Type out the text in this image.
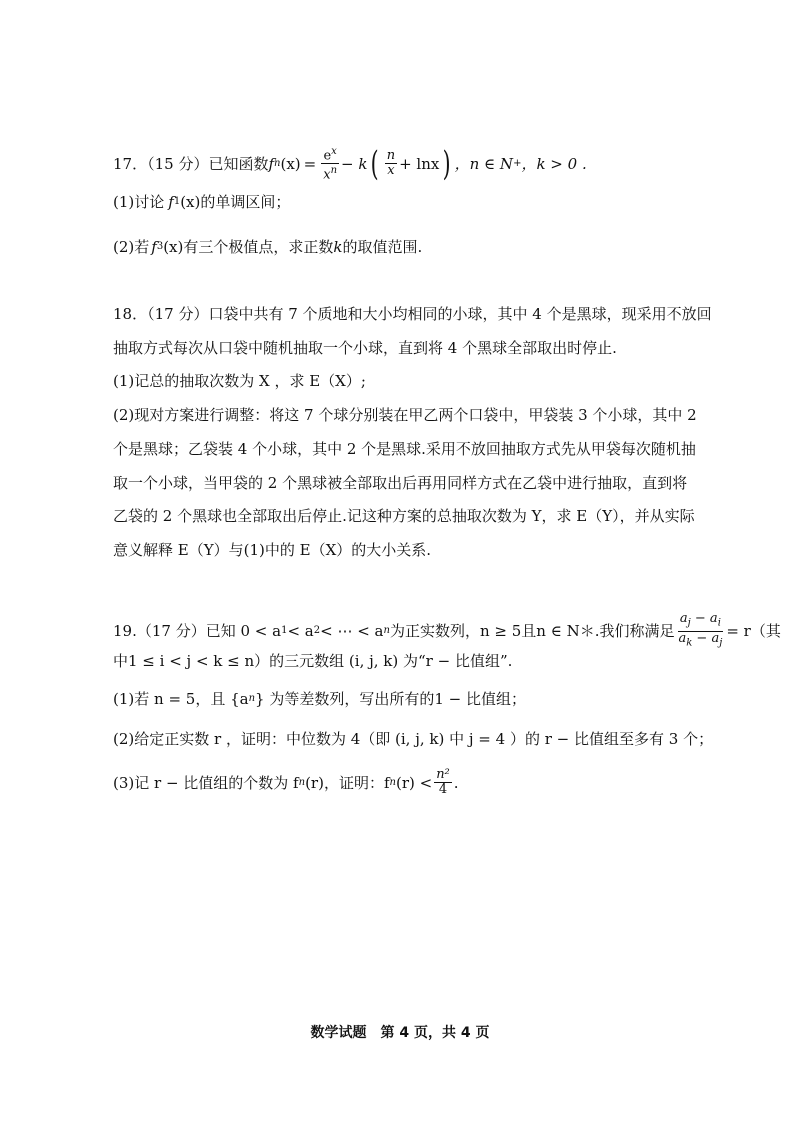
17．（15 分）已知函数 f n $(x) = \frac{e^x}{x^n} - k$ ( $\frac{n}{x} + \ln x$ ) ，n ∈ N + ，k > 0 .
(1)讨论 f 1 (x) 的单调区间；
(2)若 f 3 (x) 有三个极值点，求正数 k 的取值范围.
18．（17 分）口袋中共有 7 个质地和大小均相同的小球，其中 4 个是黑球，现采用不放回
抽取方式每次从口袋中随机抽取一个小球，直到将 4 个黑球全部取出时停止.
(1)记总的抽取次数为 X ，求 E（X）;
(2)现对方案进行调整：将这 7 个球分别装在甲乙两个口袋中，甲袋装 3 个小球，其中 2
个是黑球；乙袋装 4 个小球，其中 2 个是黑球.采用不放回抽取方式先从甲袋每次随机抽
取一个小球，当甲袋的 2 个黑球被全部取出后再用同样方式在乙袋中进行抽取，直到将
乙袋的 2 个黑球也全部取出后停止.记这种方案的总抽取次数为 Y，求 E（Y），并从实际
意义解释 E（Y）与(1)中的 E（X）的大小关系.
19.（17 分）已知 0 < a 1 < a 2 < ⋯ < a n 为正实数列，n ≥ 5且n ∈ N＊.我们称满足 $\frac{a_j - a_i}{a_k - a_j} = r$（其
中1 ≤ i < j < k ≤ n）的三元数组 (i, j, k) 为“r − 比值组”.
(1)若 n = 5，且 {a n } 为等差数列，写出所有的1 − 比值组；
(2)给定正实数 r ，证明：中位数为 4（即 (i, j, k) 中 j = 4 ）的 r − 比值组至多有 3 个；
(3)记 r − 比值组的个数为 f n (r)，证明：f n $(r) < \frac{\text{n²}}{4}$ .
数学试题　第 4 页，共 4 页
